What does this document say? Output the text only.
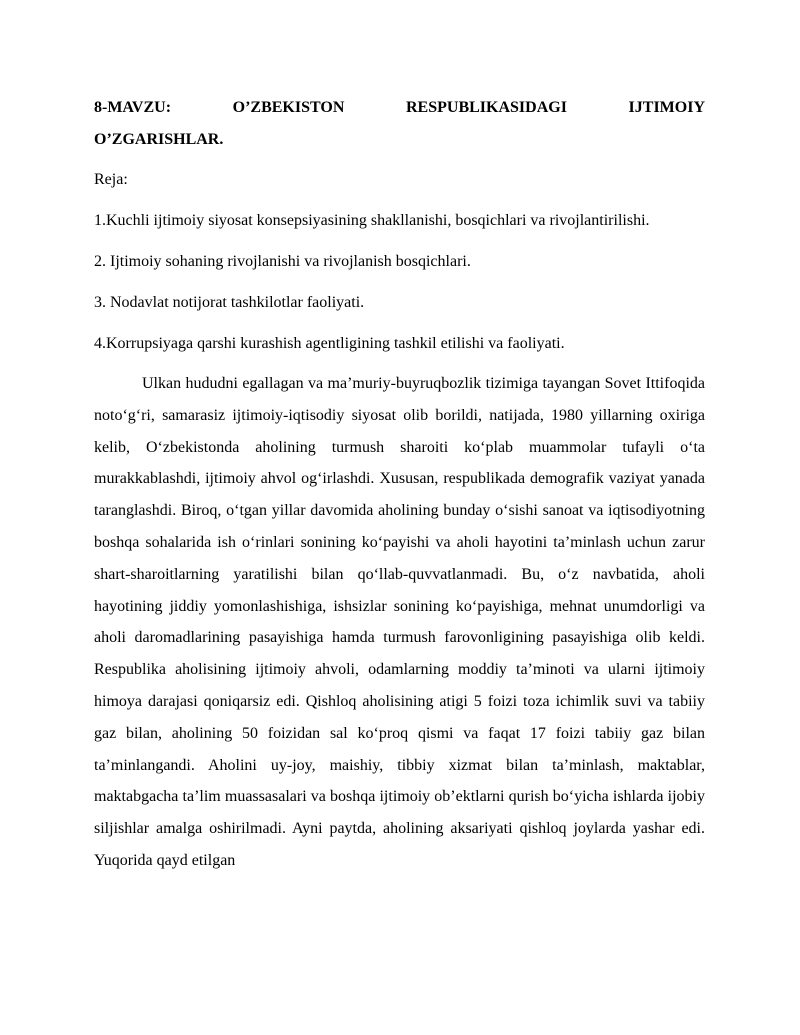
8-MAVZU:	O’ZBEKISTON	RESPUBLIKASIDAGI	IJTIMOIY
O’ZGARISHLAR.

Reja:

1.Kuchli ijtimoiy siyosat konsepsiyasining shakllanishi, bosqichlari va rivojlantirilishi.

2. Ijtimoiy sohaning rivojlanishi va rivojlanish bosqichlari.

3. Nodavlat notijorat tashkilotlar faoliyati.

4.Korrupsiyaga qarshi kurashish agentligining tashkil etilishi va faoliyati.

Ulkan hududni egallagan va ma’muriy-buyruqbozlik tizimiga tayangan Sovet Ittifoqida noto‘g‘ri, samarasiz ijtimoiy-iqtisodiy siyosat olib borildi, natijada, 1980 yillarning oxiriga kelib, O‘zbekistonda aholining turmush sharoiti ko‘plab muammolar tufayli o‘ta murakkablashdi, ijtimoiy ahvol og‘irlashdi. Xususan, respublikada demografik vaziyat yanada taranglashdi. Biroq, o‘tgan yillar davomida aholining bunday o‘sishi sanoat va iqtisodiyotning boshqa sohalarida ish o‘rinlari sonining ko‘payishi va aholi hayotini ta’minlash uchun zarur shart-sharoitlarning yaratilishi bilan qo‘llab-quvvatlanmadi. Bu, o‘z navbatida, aholi hayotining jiddiy yomonlashishiga, ishsizlar sonining ko‘payishiga, mehnat unumdorligi va aholi daromadlarining pasayishiga hamda turmush farovonligining pasayishiga olib keldi. Respublika aholisining ijtimoiy ahvoli, odamlarning moddiy ta’minoti va ularni ijtimoiy himoya darajasi qoniqarsiz edi. Qishloq aholisining atigi 5 foizi toza ichimlik suvi va tabiiy gaz bilan, aholining 50 foizidan sal ko‘proq qismi va faqat 17 foizi tabiiy gaz bilan ta’minlangandi. Aholini uy-joy, maishiy, tibbiy xizmat bilan ta’minlash, maktablar, maktabgacha ta’lim muassasalari va boshqa ijtimoiy ob’ektlarni qurish bo‘yicha ishlarda ijobiy siljishlar amalga oshirilmadi. Ayni paytda, aholining aksariyati qishloq joylarda yashar edi. Yuqorida qayd etilgan
